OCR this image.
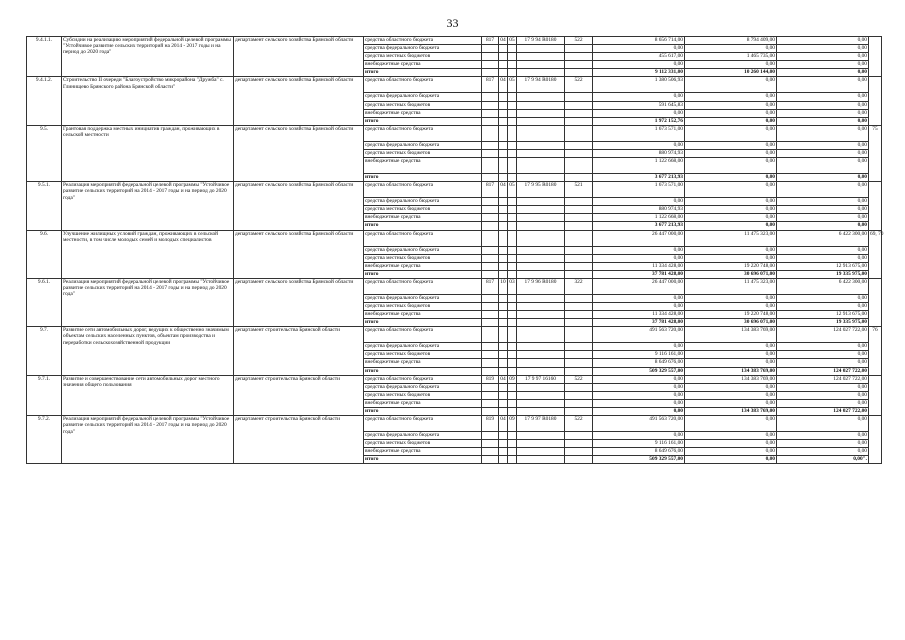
33
9.4.1.1.	Субсидии на реализацию мероприятий федеральной целевой программы "Устойчивое развитие сельских территорий на 2014 - 2017 годы и на период до 2020 года"	департамент сельского хозяйства Брянской области	средства областного бюджета	817	04	05	17 9 94 R0180	522	8 656 714,00	8 794 409,00	0,00	
			средства федерального бюджета						0,00	0,00	0,00	
			средства местных бюджетов						455 617,00	1 465 735,00	0,00	
			внебюджетные средства						0,00	0,00	0,00	
			итого						9 112 331,00	10 260 144,00	0,00	
9.4.1.2.	Строительство II очереди "Благоустройство микрорайона "Дружба" с. Глинищево Брянского района Брянской области"	департамент сельского хозяйства Брянской области	средства областного бюджета	817	04	05	17 9 94 R0180	522	1 380 506,93	0,00	0,00	
			средства федерального бюджета						0,00	0,00	0,00	
			средства местных бюджетов						591 645,83	0,00	0,00	
			внебюджетные средства						0,00	0,00	0,00	
			итого						1 972 152,76	0,00	0,00	
9.5.	Грантовая поддержка местных инициатив граждан, проживающих в сельской местности	департамент сельского хозяйства Брянской области	средства областного бюджета						1 673 571,00	0,00	0,00	75
			средства федерального бюджета						0,00	0,00	0,00	
			средства местных бюджетов						880 974,93	0,00	0,00	
			внебюджетные средства						1 122 668,00	0,00	0,00	
			итого						3 677 213,93	0,00	0,00	
9.5.1.	Реализация мероприятий федеральной целевой программы "Устойчивое развитие сельских территорий на 2014 - 2017 годы и на период до 2020 года"	департамент сельского хозяйства Брянской области	средства областного бюджета	817	04	05	17 9 95 R0180	521	1 673 571,00	0,00	0,00	
			средства федерального бюджета						0,00	0,00	0,00	
			средства местных бюджетов						880 974,93	0,00	0,00	
			внебюджетные средства						1 122 668,00	0,00	0,00	
			итого						3 677 213,93	0,00	0,00	
9.6.	Улучшение жилищных условий граждан, проживающих в сельской местности, в том числе молодых семей и молодых специалистов	департамент сельского хозяйства Брянской области	средства областного бюджета						26 447 000,00	11 475 323,00	6 422 300,00	69, 70
			средства федерального бюджета						0,00	0,00	0,00	
			средства местных бюджетов						0,00	0,00	0,00	
			внебюджетные средства						11 334 428,00	19 220 748,00	12 913 675,00	
			итого						37 781 428,00	30 696 071,00	19 335 975,00	
9.6.1.	Реализация мероприятий федеральной целевой программы "Устойчивое развитие сельских территорий на 2014 - 2017 годы и на период до 2020 года"	департамент сельского хозяйства Брянской области	средства областного бюджета	817	10	03	17 9 96 R0180	322	26 447 000,00	11 475 323,00	6 422 300,00	
			средства федерального бюджета						0,00	0,00	0,00	
			средства местных бюджетов						0,00	0,00	0,00	
			внебюджетные средства						11 334 428,00	19 220 748,00	12 913 675,00	
			итого						37 781 428,00	30 696 071,00	19 335 975,00	
9.7.	Развитие сети автомобильных дорог, ведущих к общественно значимым объектам сельских населенных пунктов, объектам производства и переработки сельскохозяйственной продукции	департамент строительства Брянской области	средства областного бюджета						491 563 720,00	134 383 769,00	124 027 722,00	76
			средства федерального бюджета						0,00	0,00	0,00	
			средства местных бюджетов						9 116 161,00	0,00	0,00	
			внебюджетные средства						8 649 676,00	0,00	0,00	
			итого						509 329 557,00	134 383 769,00	124 027 722,00	
9.7.1.	Развитие и совершенствование сети автомобильных дорог местного значения общего пользования	департамент строительства Брянской области	средства областного бюджета	819	04	09	17 9 97 16160	522	0,00	134 383 769,00	124 027 722,00	
			средства федерального бюджета						0,00	0,00	0,00	
			средства местных бюджетов						0,00	0,00	0,00	
			внебюджетные средства						0,00	0,00	0,00	
			итого						0,00	134 383 769,00	124 027 722,00	
9.7.2.	Реализация мероприятий федеральной целевой программы "Устойчивое развитие сельских территорий на 2014 - 2017 годы и на период до 2020 года"	департамент строительства Брянской области	средства областного бюджета	819	04	09	17 9 97 R0180	522	491 563 720,00	0,00	0,00	
			средства федерального бюджета						0,00	0,00	0,00	
			средства местных бюджетов						9 116 161,00	0,00	0,00	
			внебюджетные средства						8 649 676,00	0,00	0,00	
			итого						509 329 557,00	0,00	0,00".	
